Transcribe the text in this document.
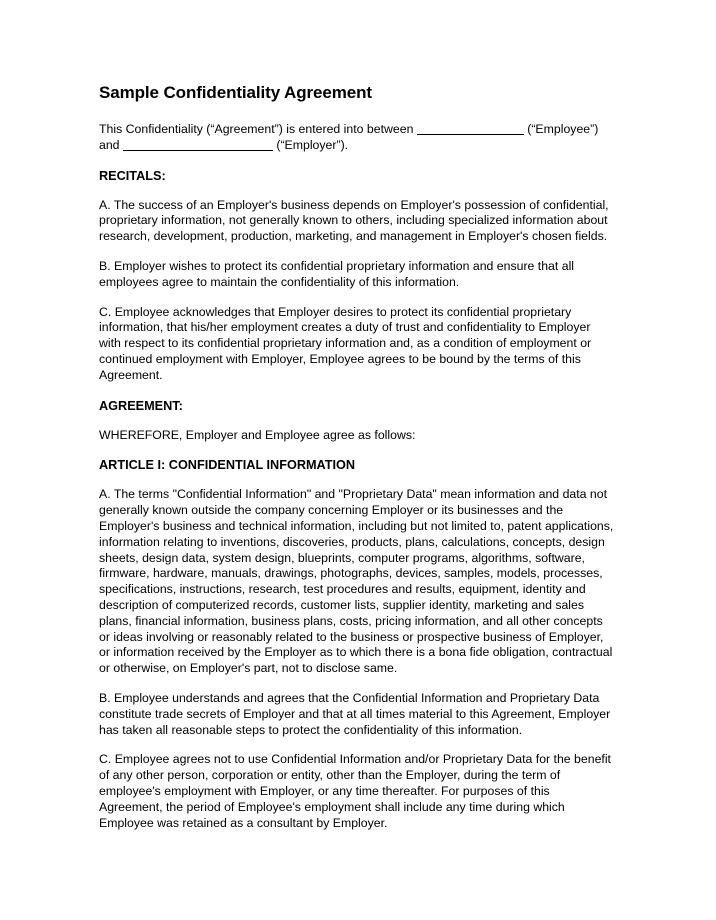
Sample Confidentiality Agreement

This Confidentiality (“Agreement”) is entered into between	(“Employee”) and	(“Employer”).

RECITALS:

A. The success of an Employer's business depends on Employer's possession of confidential, proprietary information, not generally known to others, including specialized information about research, development, production, marketing, and management in Employer's chosen fields.

B. Employer wishes to protect its confidential proprietary information and ensure that all employees agree to maintain the confidentiality of this information.

C. Employee acknowledges that Employer desires to protect its confidential proprietary information, that his/her employment creates a duty of trust and confidentiality to Employer with respect to its confidential proprietary information and, as a condition of employment or continued employment with Employer, Employee agrees to be bound by the terms of this Agreement.

AGREEMENT:

WHEREFORE, Employer and Employee agree as follows:

ARTICLE I: CONFIDENTIAL INFORMATION

A. The terms "Confidential Information" and "Proprietary Data" mean information and data not generally known outside the company concerning Employer or its businesses and the Employer's business and technical information, including but not limited to, patent applications, information relating to inventions, discoveries, products, plans, calculations, concepts, design sheets, design data, system design, blueprints, computer programs, algorithms, software, firmware, hardware, manuals, drawings, photographs, devices, samples, models, processes, specifications, instructions, research, test procedures and results, equipment, identity and description of computerized records, customer lists, supplier identity, marketing and sales plans, financial information, business plans, costs, pricing information, and all other concepts or ideas involving or reasonably related to the business or prospective business of Employer, or information received by the Employer as to which there is a bona fide obligation, contractual or otherwise, on Employer's part, not to disclose same.

B. Employee understands and agrees that the Confidential Information and Proprietary Data constitute trade secrets of Employer and that at all times material to this Agreement, Employer has taken all reasonable steps to protect the confidentiality of this information.

C. Employee agrees not to use Confidential Information and/or Proprietary Data for the benefit of any other person, corporation or entity, other than the Employer, during the term of employee's employment with Employer, or any time thereafter. For purposes of this Agreement, the period of Employee's employment shall include any time during which Employee was retained as a consultant by Employer.
